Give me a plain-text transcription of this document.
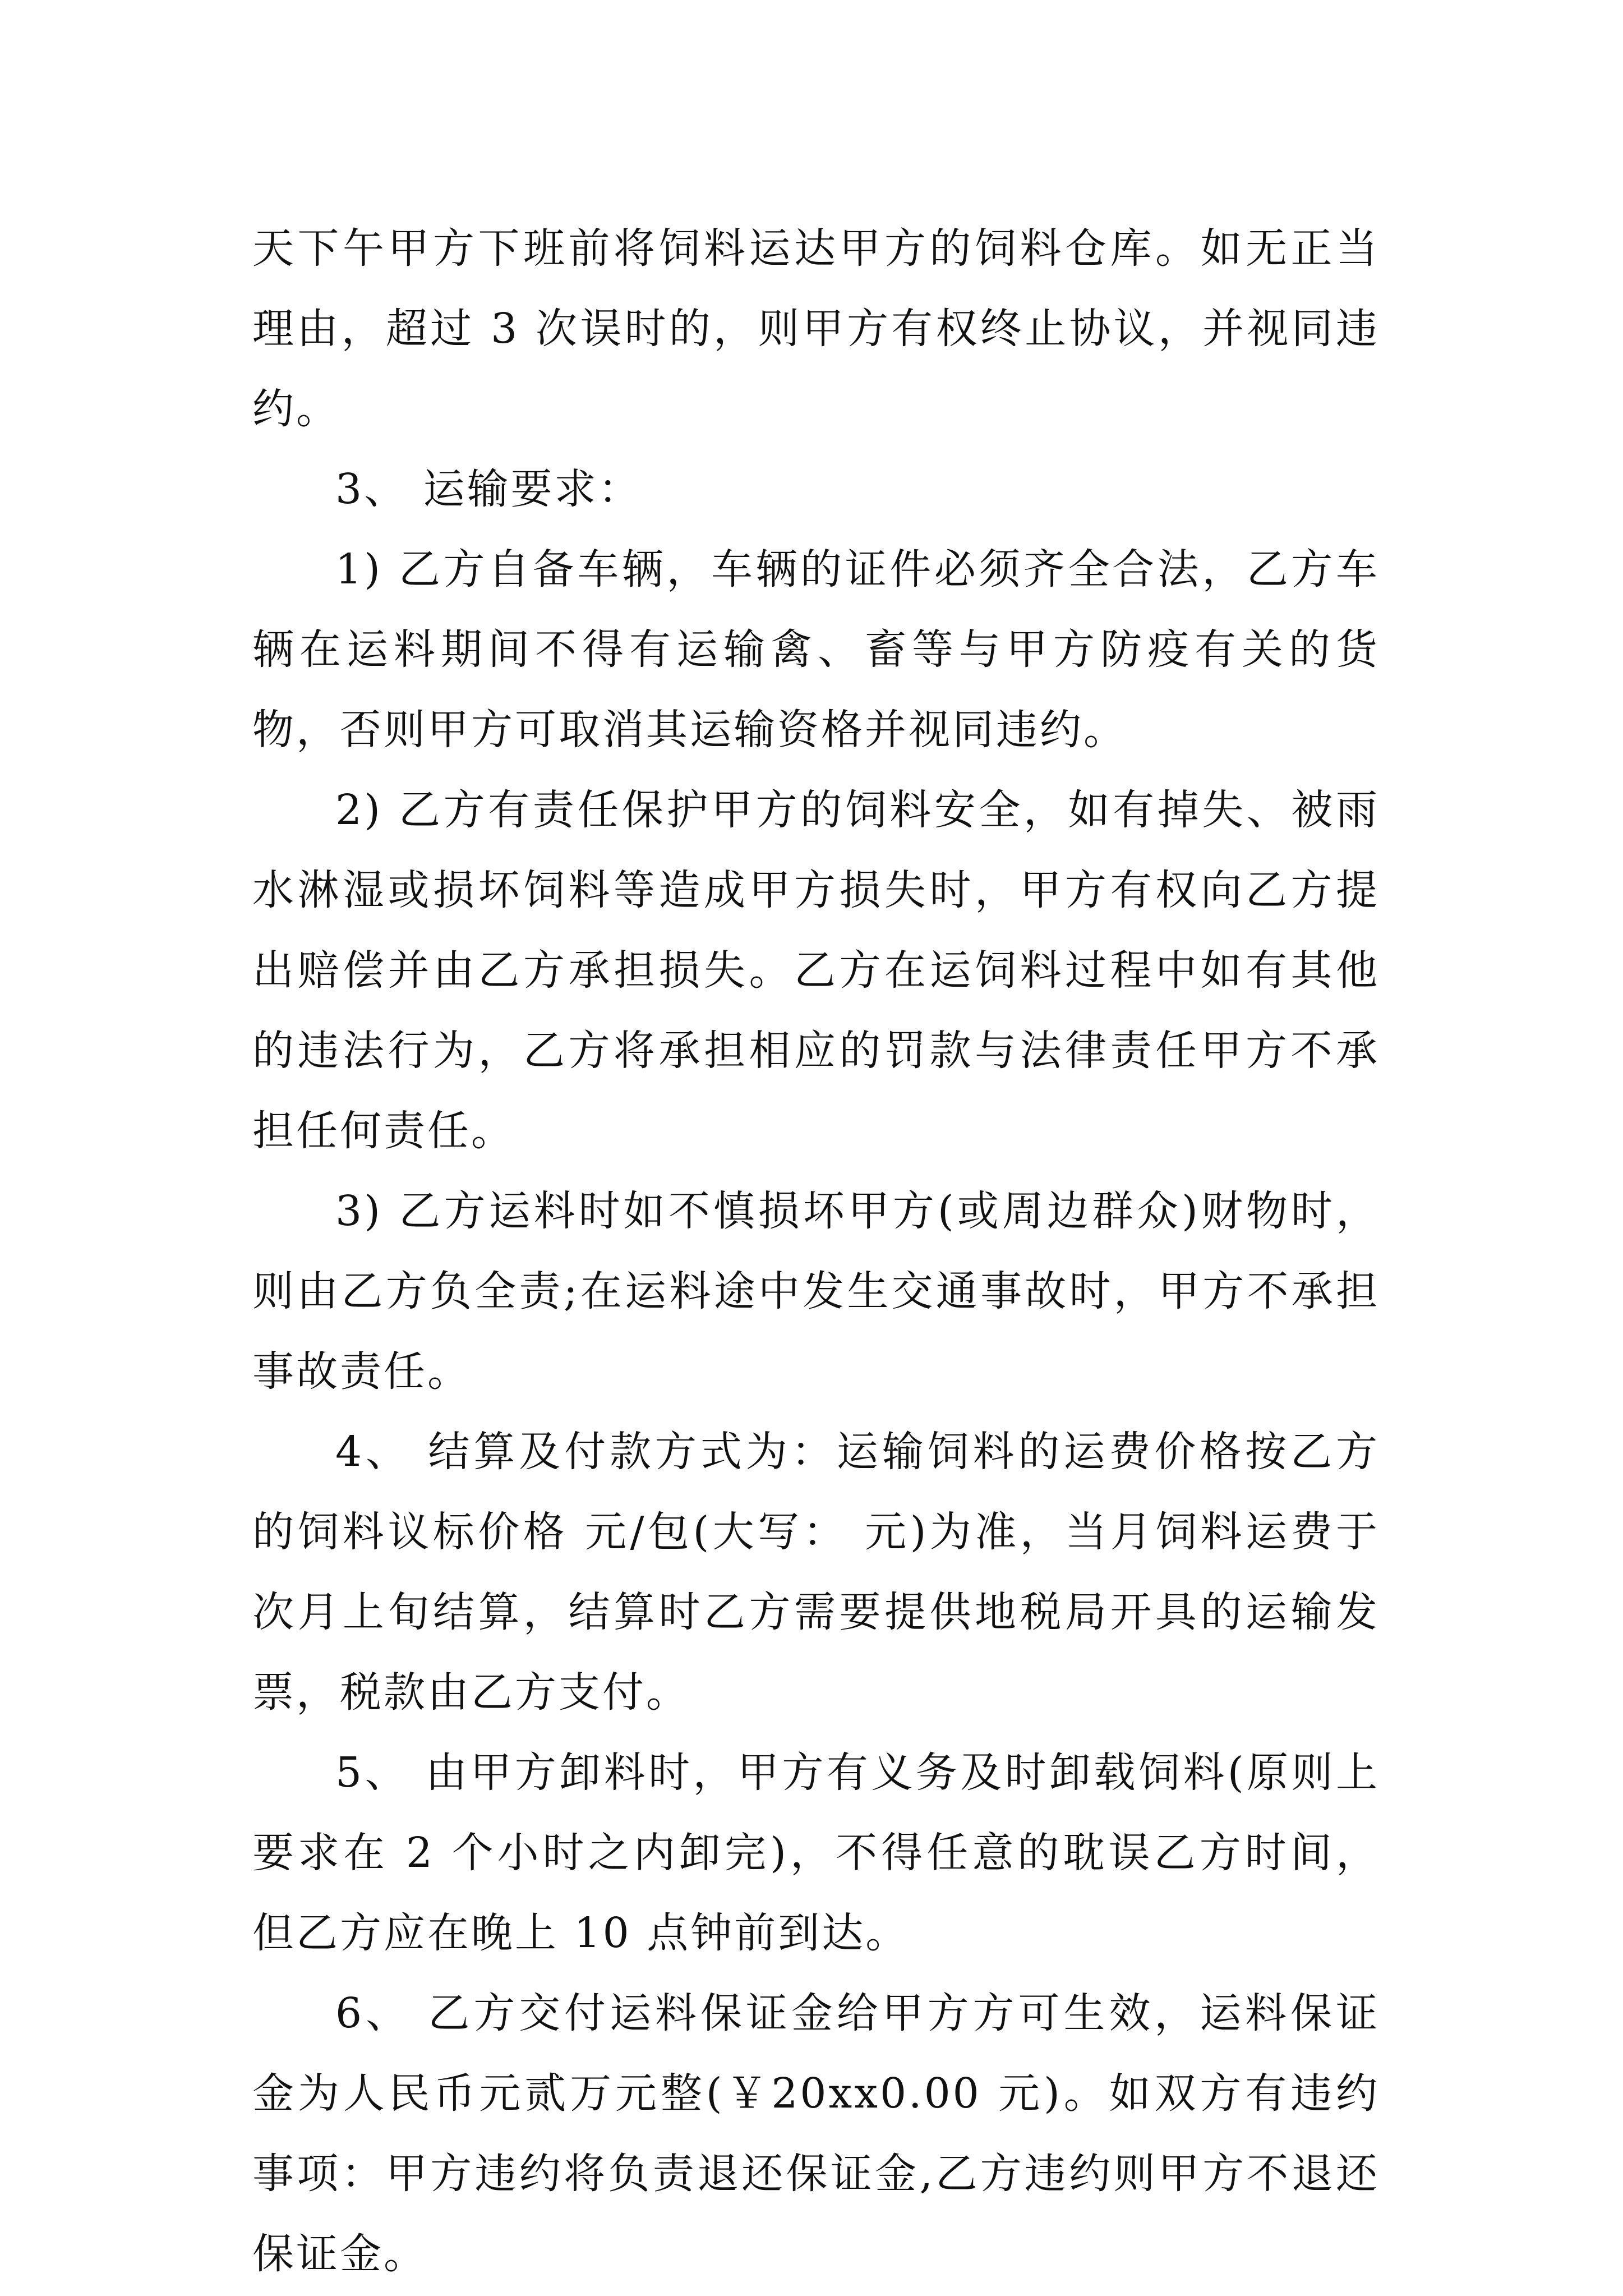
天下午甲方下班前将饲料运达甲方的饲料仓库。如无正当理由，超过 3 次误时的，则甲方有权终止协议，并视同违约。

3、 运输要求：

1) 乙方自备车辆，车辆的证件必须齐全合法，乙方车辆在运料期间不得有运输禽、畜等与甲方防疫有关的货物，否则甲方可取消其运输资格并视同违约。

2) 乙方有责任保护甲方的饲料安全，如有掉失、被雨水淋湿或损坏饲料等造成甲方损失时，甲方有权向乙方提出赔偿并由乙方承担损失。乙方在运饲料过程中如有其他的违法行为，乙方将承担相应的罚款与法律责任甲方不承担任何责任。

3) 乙方运料时如不慎损坏甲方(或周边群众)财物时，则由乙方负全责;在运料途中发生交通事故时，甲方不承担事故责任。

4、 结算及付款方式为：运输饲料的运费价格按乙方的饲料议标价格 元/包(大写： 元)为准，当月饲料运费于次月上旬结算，结算时乙方需要提供地税局开具的运输发票，税款由乙方支付。

5、 由甲方卸料时，甲方有义务及时卸载饲料(原则上要求在 2 个小时之内卸完)，不得任意的耽误乙方时间，但乙方应在晚上 10 点钟前到达。

6、 乙方交付运料保证金给甲方方可生效，运料保证金为人民币元贰万元整(￥20xx0.00 元)。如双方有违约事项：甲方违约将负责退还保证金,乙方违约则甲方不退还保证金。
